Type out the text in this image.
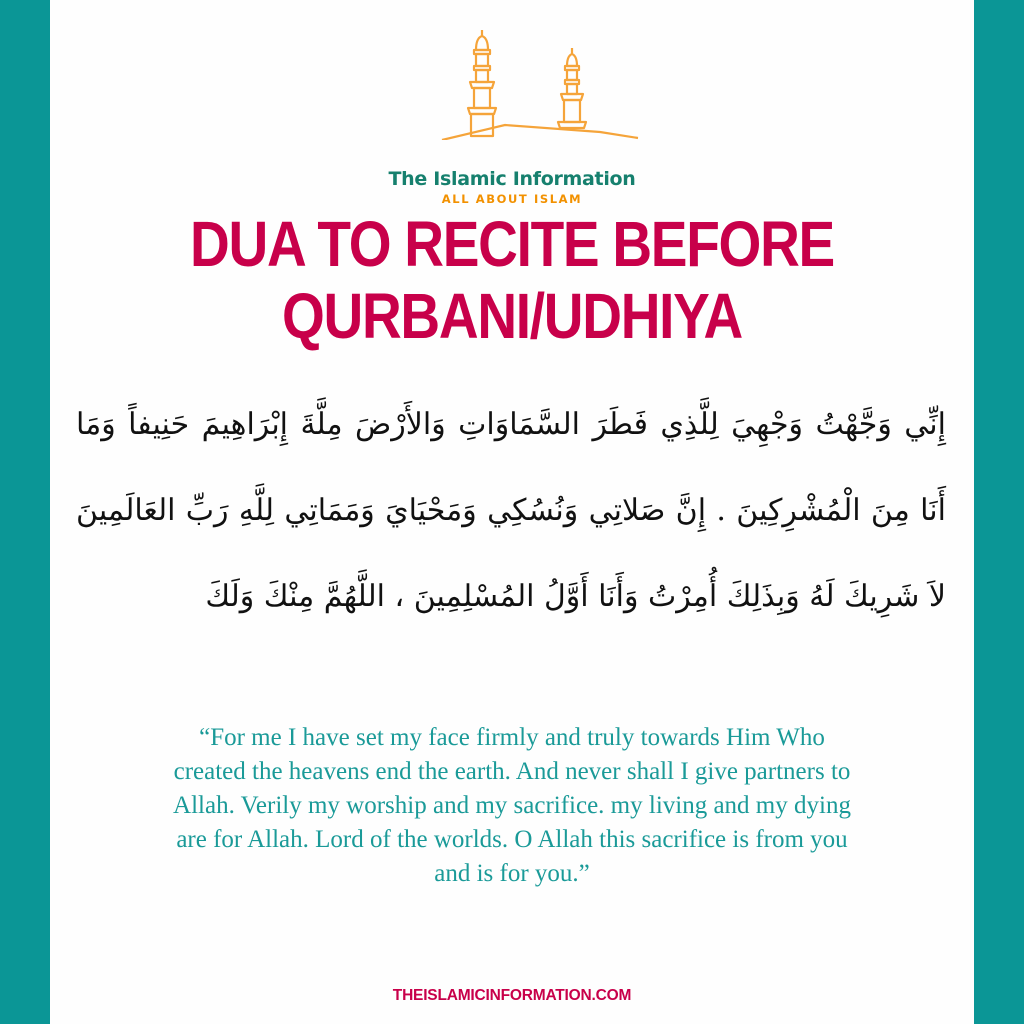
The Islamic Information
ALL ABOUT ISLAM
DUA TO RECITE BEFORE
QURBANI/UDHIYA
إِنِّي وَجَّهْتُ وَجْهِيَ لِلَّذِي فَطَرَ السَّمَاوَاتِ وَالأَرْضَ مِلَّةَ إِبْرَاهِيمَ حَنِيفاً وَمَا أَنَا مِنَ الْمُشْرِكِينَ . إِنَّ صَلاتِي وَنُسُكِي وَمَحْيَايَ وَمَمَاتِي لِلَّهِ رَبِّ العَالَمِينَ لاَ شَرِيكَ لَهُ وَبِذَلِكَ أُمِرْتُ وَأَنَا أَوَّلُ المُسْلِمِينَ ، اللَّهُمَّ مِنْكَ وَلَكَ
“For me I have set my face firmly and truly towards Him Who
created the heavens end the earth. And never shall I give partners to
Allah. Verily my worship and my sacrifice. my living and my dying
are for Allah. Lord of the worlds. O Allah this sacrifice is from you
and is for you.”
THEISLAMICINFORMATION.COM
